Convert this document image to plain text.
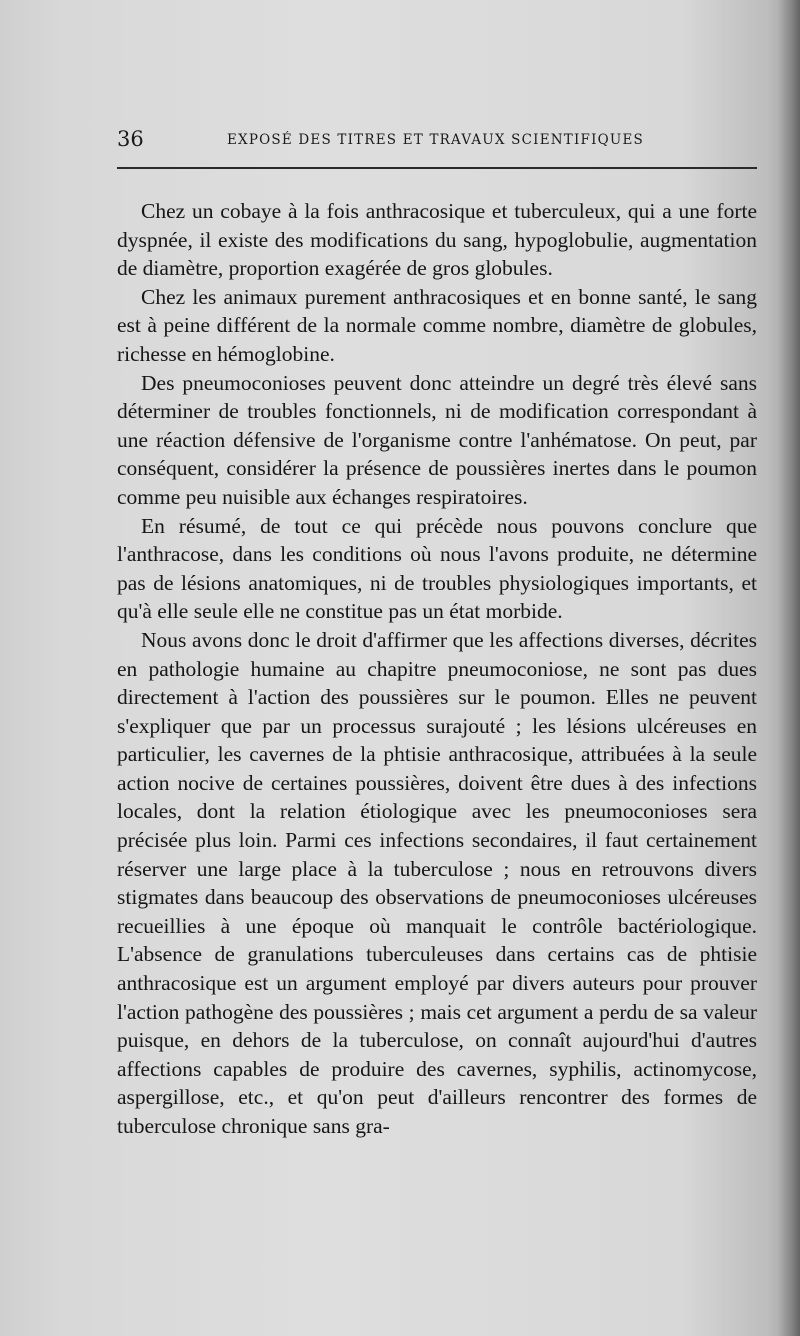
36	EXPOSÉ DES TITRES ET TRAVAUX SCIENTIFIQUES

Chez un cobaye à la fois anthracosique et tuberculeux, qui a une forte dyspnée, il existe des modifications du sang, hypoglobulie, augmentation de diamètre, proportion exagérée de gros globules.

Chez les animaux purement anthracosiques et en bonne santé, le sang est à peine différent de la normale comme nombre, diamètre de globules, richesse en hémoglobine.

Des pneumoconioses peuvent donc atteindre un degré très élevé sans déterminer de troubles fonctionnels, ni de modification correspondant à une réaction défensive de l'organisme contre l'anhématose. On peut, par conséquent, considérer la présence de poussières inertes dans le poumon comme peu nuisible aux échanges respiratoires.

En résumé, de tout ce qui précède nous pouvons conclure que l'anthracose, dans les conditions où nous l'avons produite, ne détermine pas de lésions anatomiques, ni de troubles physiologiques importants, et qu'à elle seule elle ne constitue pas un état morbide.

Nous avons donc le droit d'affirmer que les affections diverses, décrites en pathologie humaine au chapitre pneumoconiose, ne sont pas dues directement à l'action des poussières sur le poumon. Elles ne peuvent s'expliquer que par un processus surajouté ; les lésions ulcéreuses en particulier, les cavernes de la phtisie anthracosique, attribuées à la seule action nocive de certaines poussières, doivent être dues à des infections locales, dont la relation étiologique avec les pneumoconioses sera précisée plus loin. Parmi ces infections secondaires, il faut certainement réserver une large place à la tuberculose ; nous en retrouvons divers stigmates dans beaucoup des observations de pneumoconioses ulcéreuses recueillies à une époque où manquait le contrôle bactériologique. L'absence de granulations tuberculeuses dans certains cas de phtisie anthracosique est un argument employé par divers auteurs pour prouver l'action pathogène des poussières ; mais cet argument a perdu de sa valeur puisque, en dehors de la tuberculose, on connaît aujourd'hui d'autres affections capables de produire des cavernes, syphilis, actinomycose, aspergillose, etc., et qu'on peut d'ailleurs rencontrer des formes de tuberculose chronique sans gra-
